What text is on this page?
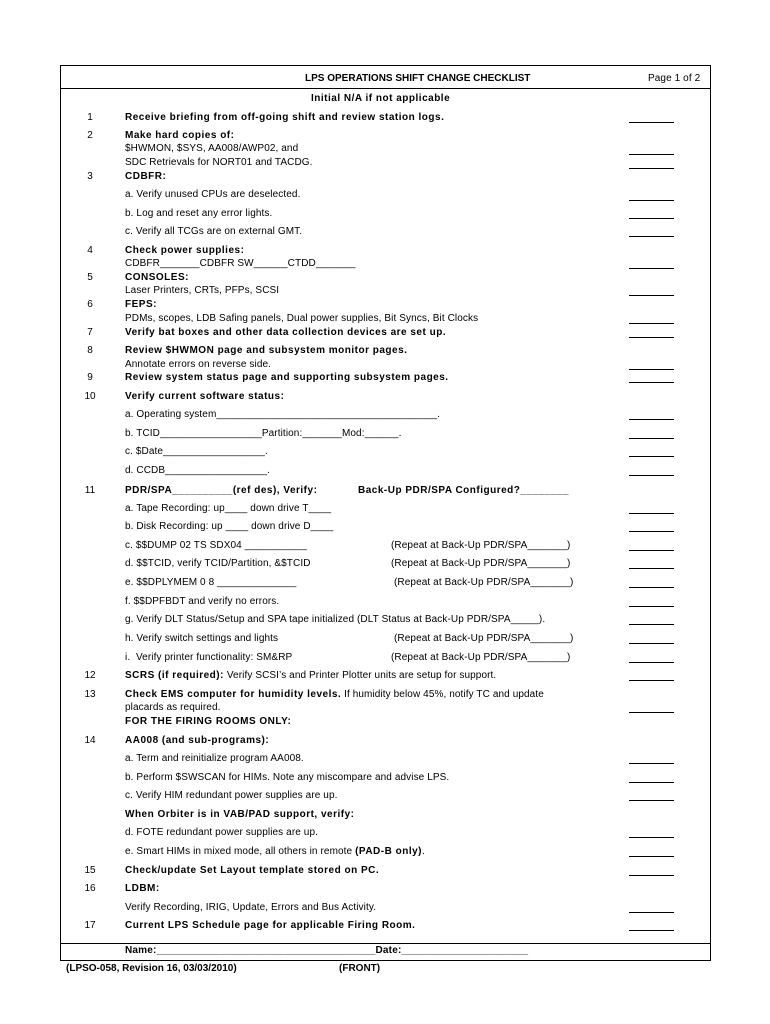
LPS OPERATIONS SHIFT CHANGE CHECKLIST	Page 1 of 2
Initial N/A if not applicable
1	Receive briefing from off-going shift and review station logs.
2	Make hard copies of:
$HWMON, $SYS, AA008/AWP02, and
SDC Retrievals for NORT01 and TACDG.
3	CDBFR:
a. Verify unused CPUs are deselected.
b. Log and reset any error lights.
c. Verify all TCGs are on external GMT.
4	Check power supplies:
CDBFR_______CDBFR SW______CTDD_______
5	CONSOLES:
Laser Printers, CRTs, PFPs, SCSI
6	FEPS:
PDMs, scopes, LDB Safing panels, Dual power supplies, Bit Syncs, Bit Clocks
7	Verify bat boxes and other data collection devices are set up.
8	Review $HWMON page and subsystem monitor pages.
Annotate errors on reverse side.
9	Review system status page and supporting subsystem pages.
10	Verify current software status:
a. Operating system_______________________________________.
b. TCID__________________Partition:_______Mod:______.
c. $Date__________________.
d. CCDB__________________.
11	PDR/SPA__________(ref des), Verify:	Back-Up PDR/SPA Configured?________
a. Tape Recording: up____ down drive T____
b. Disk Recording: up ____ down drive D____
c. $$DUMP 02 TS SDX04 ___________	(Repeat at Back-Up PDR/SPA_______)
d. $$TCID, verify TCID/Partition, &$TCID	(Repeat at Back-Up PDR/SPA_______)
e. $$DPLYMEM 0 8 ______________	(Repeat at Back-Up PDR/SPA_______)
f. $$DPFBDT and verify no errors.
g. Verify DLT Status/Setup and SPA tape initialized (DLT Status at Back-Up PDR/SPA_____).
h. Verify switch settings and lights	(Repeat at Back-Up PDR/SPA_______)
i.  Verify printer functionality: SM&RP	(Repeat at Back-Up PDR/SPA_______)
12	SCRS (if required): Verify SCSI’s and Printer Plotter units are setup for support.
13	Check EMS computer for humidity levels. If humidity below 45%, notify TC and update
placards as required.
FOR THE FIRING ROOMS ONLY:
14	AA008 (and sub-programs):
a. Term and reinitialize program AA008.
b. Perform $SWSCAN for HIMs. Note any miscompare and advise LPS.
c. Verify HIM redundant power supplies are up.
When Orbiter is in VAB/PAD support, verify:
d. FOTE redundant power supplies are up.
e. Smart HIMs in mixed mode, all others in remote (PAD-B only).
15	Check/update Set Layout template stored on PC.
16	LDBM:
Verify Recording, IRIG, Update, Errors and Bus Activity.
17	Current LPS Schedule page for applicable Firing Room.
Name:______________________________________Date:______________________
(LPSO-058, Revision 16, 03/03/2010)	(FRONT)
